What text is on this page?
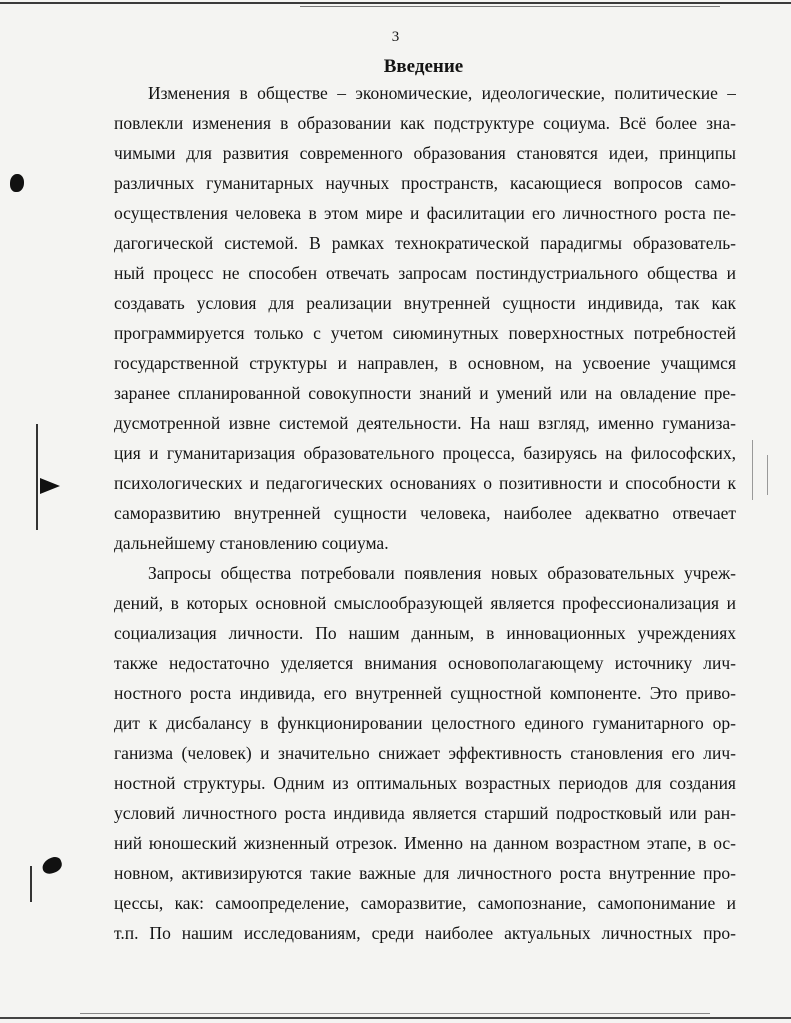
3
Введение
Изменения в обществе – экономические, идеологические, политические –
повлекли изменения в образовании как подструктуре социума. Всё более зна-
чимыми для развития современного образования становятся идеи, принципы
различных гуманитарных научных пространств, касающиеся вопросов само-
осуществления человека в этом мире и фасилитации его личностного роста пе-
дагогической системой. В рамках технократической парадигмы образователь-
ный процесс не способен отвечать запросам постиндустриального общества и
создавать условия для реализации внутренней сущности индивида, так как
программируется только с учетом сиюминутных поверхностных потребностей
государственной структуры и направлен, в основном, на усвоение учащимся
заранее спланированной совокупности знаний и умений или на овладение пре-
дусмотренной извне системой деятельности. На наш взгляд, именно гуманиза-
ция и гуманитаризация образовательного процесса, базируясь на философских,
психологических и педагогических основаниях о позитивности и способности к
саморазвитию внутренней сущности человека, наиболее адекватно отвечает
дальнейшему становлению социума.
Запросы общества потребовали появления новых образовательных учреж-
дений, в которых основной смыслообразующей является профессионализация и
социализация личности. По нашим данным, в инновационных учреждениях
также недостаточно уделяется внимания основополагающему источнику лич-
ностного роста индивида, его внутренней сущностной компоненте. Это приво-
дит к дисбалансу в функционировании целостного единого гуманитарного ор-
ганизма (человек) и значительно снижает эффективность становления его лич-
ностной структуры. Одним из оптимальных возрастных периодов для создания
условий личностного роста индивида является старший подростковый или ран-
ний юношеский жизненный отрезок. Именно на данном возрастном этапе, в ос-
новном, активизируются такие важные для личностного роста внутренние про-
цессы, как: самоопределение, саморазвитие, самопознание, самопонимание и
т.п. По нашим исследованиям, среди наиболее актуальных личностных про-
